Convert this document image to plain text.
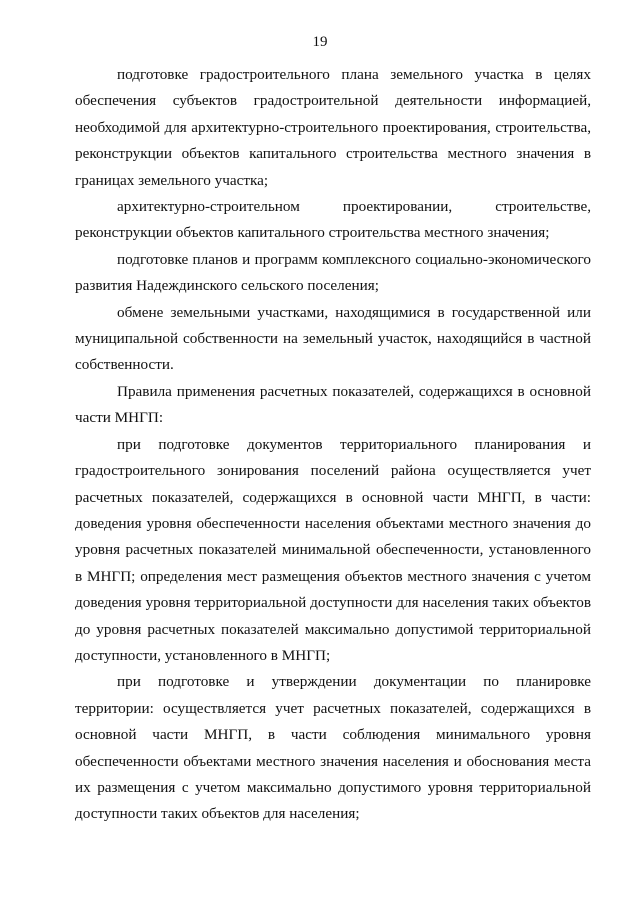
19

подготовке градостроительного плана земельного участка в целях обеспечения субъектов градостроительной деятельности информацией, необходимой для архитектурно-строительного проектирования, строительства, реконструкции объектов капитального строительства местного значения в границах земельного участка;

архитектурно-строительном проектировании, строительстве, реконструкции объектов капитального строительства местного значения;

подготовке планов и программ комплексного социально-экономического развития Надеждинского сельского поселения;

обмене земельными участками, находящимися в государственной или муниципальной собственности на земельный участок, находящийся в частной собственности.

Правила применения расчетных показателей, содержащихся в основной части МНГП:

при подготовке документов территориального планирования и градостроительного зонирования поселений района осуществляется учет расчетных показателей, содержащихся в основной части МНГП, в части: доведения уровня обеспеченности населения объектами местного значения до уровня расчетных показателей минимальной обеспеченности, установленного в МНГП; определения мест размещения объектов местного значения с учетом доведения уровня территориальной доступности для населения таких объектов до уровня расчетных показателей максимально допустимой территориальной доступности, установленного в МНГП;

при подготовке и утверждении документации по планировке территории: осуществляется учет расчетных показателей, содержащихся в основной части МНГП, в части соблюдения минимального уровня обеспеченности объектами местного значения населения и обоснования места их размещения с учетом максимально допустимого уровня территориальной доступности таких объектов для населения;
